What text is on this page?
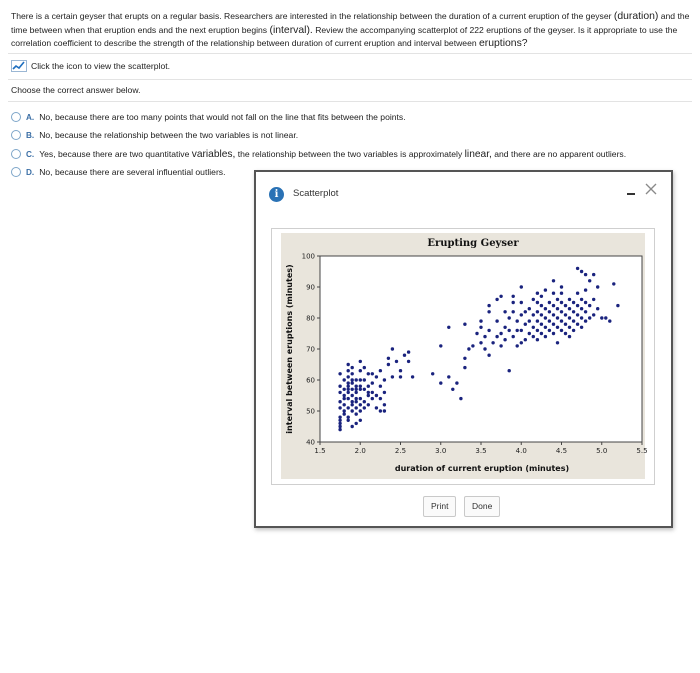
There is a certain geyser that erupts on a regular basis. Researchers are interested in the relationship between the duration of a current eruption of the geyser (duration) and the time between when that eruption ends and the next eruption begins (interval). Review the accompanying scatterplot of 222 eruptions of the geyser. Is it appropriate to use the correlation coefficient to describe the strength of the relationship between duration of current eruption and interval between eruptions?
Click the icon to view the scatterplot.
Choose the correct answer below.
A. No, because there are too many points that would not fall on the line that fits between the points.
B. No, because the relationship between the two variables is not linear.
C. Yes, because there are two quantitative variables, the relationship between the two variables is approximately linear, and there are no apparent outliers.
D. No, because there are several influential outliers.
i	Scatterplot
Erupting Geyser
interval between eruptions (minutes)
duration of current eruption (minutes)
1.5	2.0	2.5	3.0	3.5	4.0	4.5	5.0	5.5
40
50
60
70
80
90
100
Print	Done
